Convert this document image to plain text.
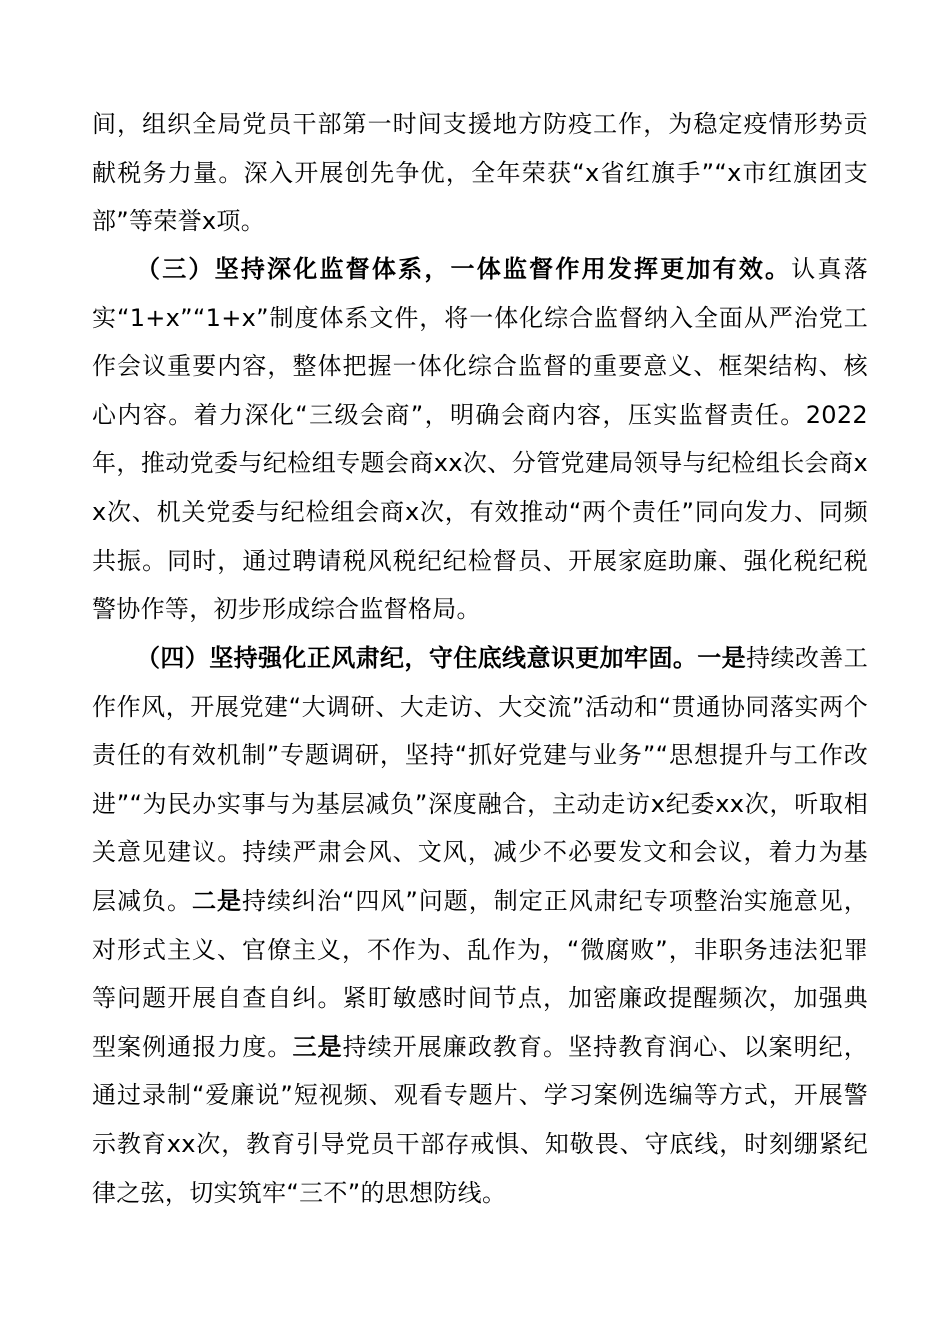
间，组织全局党员干部第一时间支援地方防疫工作，为稳定疫情形势贡献税务力量。深入开展创先争优，全年荣获“x省红旗手”“x市红旗团支部”等荣誉x项。

（三）坚持深化监督体系，一体监督作用发挥更加有效。认真落实“1+x”“1+x”制度体系文件，将一体化综合监督纳入全面从严治党工作会议重要内容，整体把握一体化综合监督的重要意义、框架结构、核心内容。着力深化“三级会商”，明确会商内容，压实监督责任。2022年，推动党委与纪检组专题会商xx次、分管党建局领导与纪检组长会商xx次、机关党委与纪检组会商x次，有效推动“两个责任”同向发力、同频共振。同时，通过聘请税风税纪纪检督员、开展家庭助廉、强化税纪税警协作等，初步形成综合监督格局。

（四）坚持强化正风肃纪，守住底线意识更加牢固。一是持续改善工作作风，开展党建“大调研、大走访、大交流”活动和“贯通协同落实两个责任的有效机制”专题调研，坚持“抓好党建与业务”“思想提升与工作改进”“为民办实事与为基层减负”深度融合，主动走访x纪委xx次，听取相关意见建议。持续严肃会风、文风，减少不必要发文和会议，着力为基层减负。二是持续纠治“四风”问题，制定正风肃纪专项整治实施意见，对形式主义、官僚主义，不作为、乱作为，“微腐败”，非职务违法犯罪等问题开展自查自纠。紧盯敏感时间节点，加密廉政提醒频次，加强典型案例通报力度。三是持续开展廉政教育。坚持教育润心、以案明纪，通过录制“爱廉说”短视频、观看专题片、学习案例选编等方式，开展警示教育xx次，教育引导党员干部存戒惧、知敬畏、守底线，时刻绷紧纪律之弦，切实筑牢“三不”的思想防线。
